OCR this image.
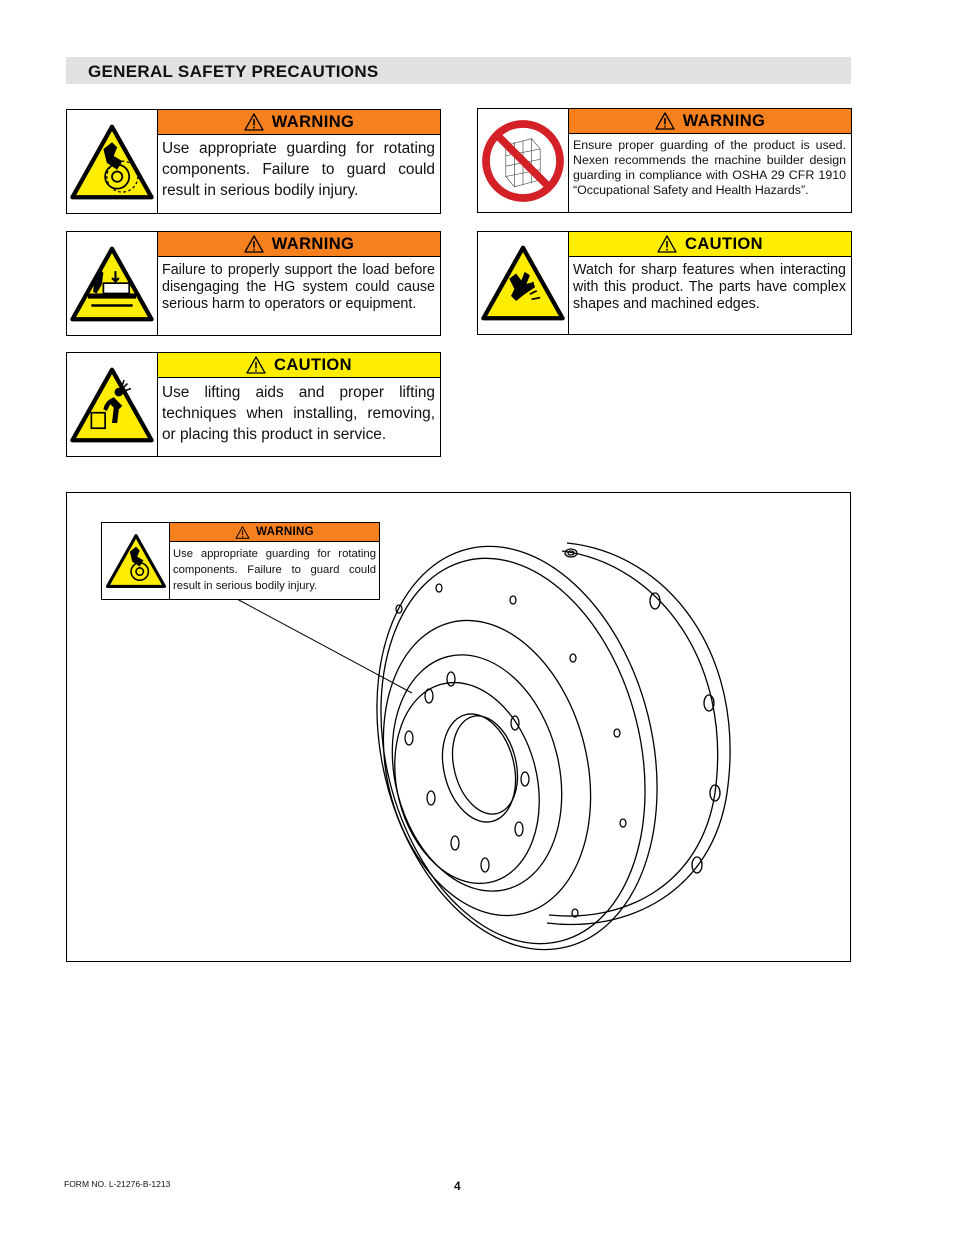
GENERAL SAFETY PRECAUTIONS
WARNING
Use appropriate guarding for rotating components. Failure to guard could result in serious bodily injury.
WARNING
Ensure proper guarding of the product is used. Nexen recommends the machine builder design guarding in compliance with OSHA 29 CFR 1910 “Occupational Safety and Health Hazards”.
WARNING
Failure to properly support the load before disengaging the HG system could cause serious harm to operators or equipment.
CAUTION
Watch for sharp features when interacting with this product. The parts have complex shapes and machined edges.
CAUTION
Use lifting aids and proper lifting techniques when installing, removing, or placing this product in service.
WARNING
Use appropriate guarding for rotating components. Failure to guard could result in serious bodily injury.
FORM NO. L-21276-B-1213	4
